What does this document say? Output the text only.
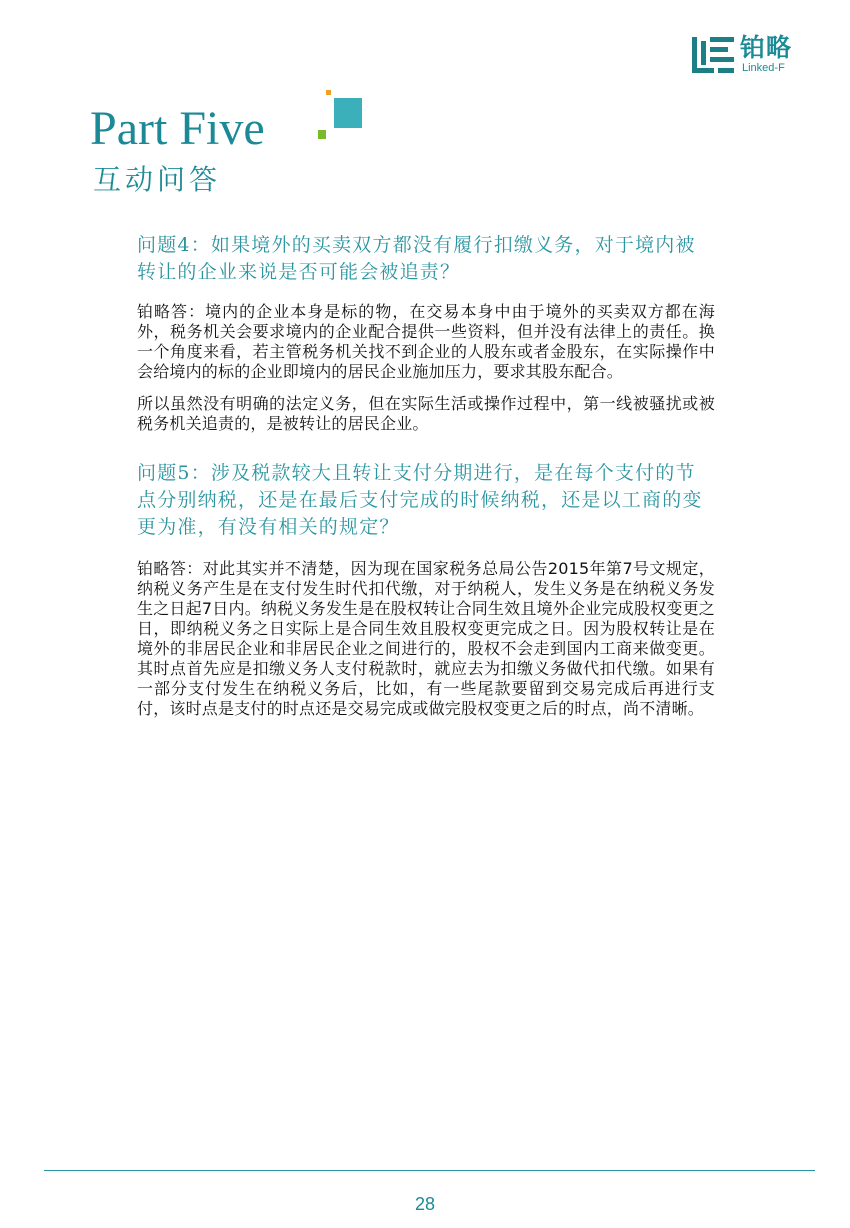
铂略
Linked-F
Part Five
互动问答

问题4：如果境外的买卖双方都没有履行扣缴义务，对于境内被转让的企业来说是否可能会被追责？

铂略答：境内的企业本身是标的物，在交易本身中由于境外的买卖双方都在海外，税务机关会要求境内的企业配合提供一些资料，但并没有法律上的责任。换一个角度来看，若主管税务机关找不到企业的人股东或者金股东，在实际操作中会给境内的标的企业即境内的居民企业施加压力，要求其股东配合。

所以虽然没有明确的法定义务，但在实际生活或操作过程中，第一线被骚扰或被税务机关追责的，是被转让的居民企业。

问题5：涉及税款较大且转让支付分期进行，是在每个支付的节点分别纳税，还是在最后支付完成的时候纳税，还是以工商的变更为准，有没有相关的规定？

铂略答：对此其实并不清楚，因为现在国家税务总局公告2015年第7号文规定，纳税义务产生是在支付发生时代扣代缴，对于纳税人，发生义务是在纳税义务发生之日起7日内。纳税义务发生是在股权转让合同生效且境外企业完成股权变更之日，即纳税义务之日实际上是合同生效且股权变更完成之日。因为股权转让是在境外的非居民企业和非居民企业之间进行的，股权不会走到国内工商来做变更。其时点首先应是扣缴义务人支付税款时，就应去为扣缴义务做代扣代缴。如果有一部分支付发生在纳税义务后，比如，有一些尾款要留到交易完成后再进行支付，该时点是支付的时点还是交易完成或做完股权变更之后的时点，尚不清晰。

28
